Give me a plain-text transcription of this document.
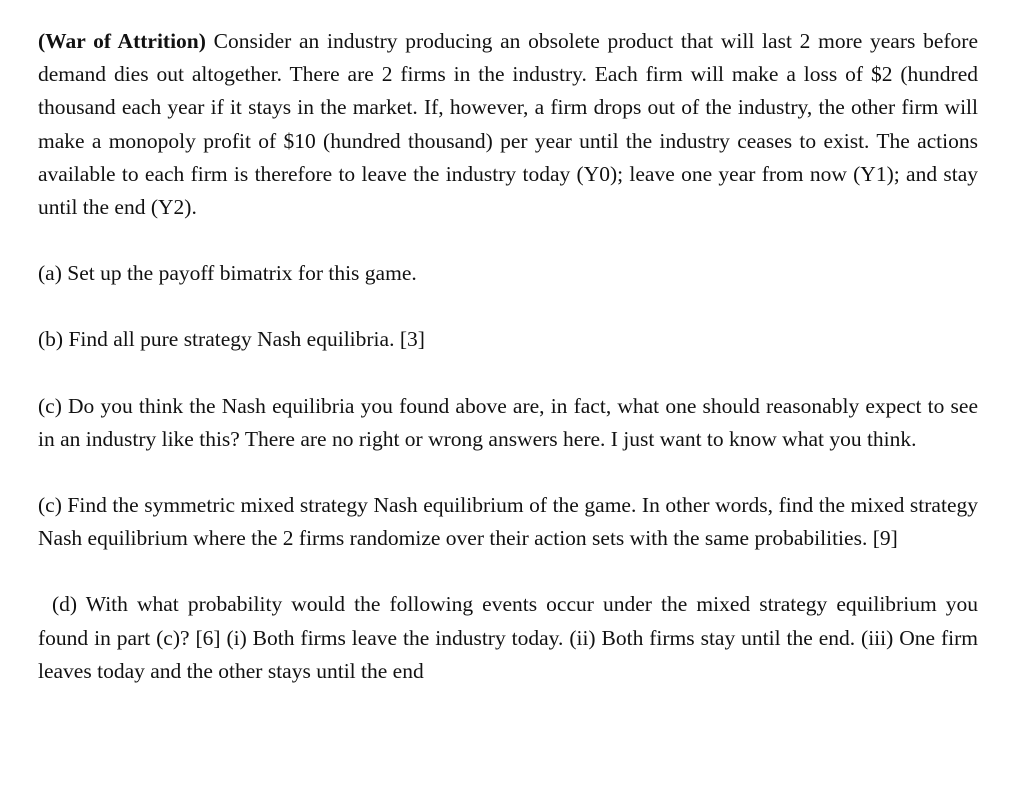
(War of Attrition) Consider an industry producing an obsolete product that will last 2 more years before demand dies out altogether. There are 2 firms in the industry. Each firm will make a loss of $2 (hundred thousand each year if it stays in the market. If, however, a firm drops out of the industry, the other firm will make a monopoly profit of $10 (hundred thousand) per year until the industry ceases to exist. The actions available to each firm is therefore to leave the industry today (Y0); leave one year from now (Y1); and stay until the end (Y2).

(a) Set up the payoff bimatrix for this game.

(b) Find all pure strategy Nash equilibria. [3]

(c) Do you think the Nash equilibria you found above are, in fact, what one should reasonably expect to see in an industry like this? There are no right or wrong answers here. I just want to know what you think.

(c) Find the symmetric mixed strategy Nash equilibrium of the game. In other words, find the mixed strategy Nash equilibrium where the 2 firms randomize over their action sets with the same probabilities. [9]

(d) With what probability would the following events occur under the mixed strategy equilibrium you found in part (c)? [6] (i) Both firms leave the industry today. (ii) Both firms stay until the end. (iii) One firm leaves today and the other stays until the end
